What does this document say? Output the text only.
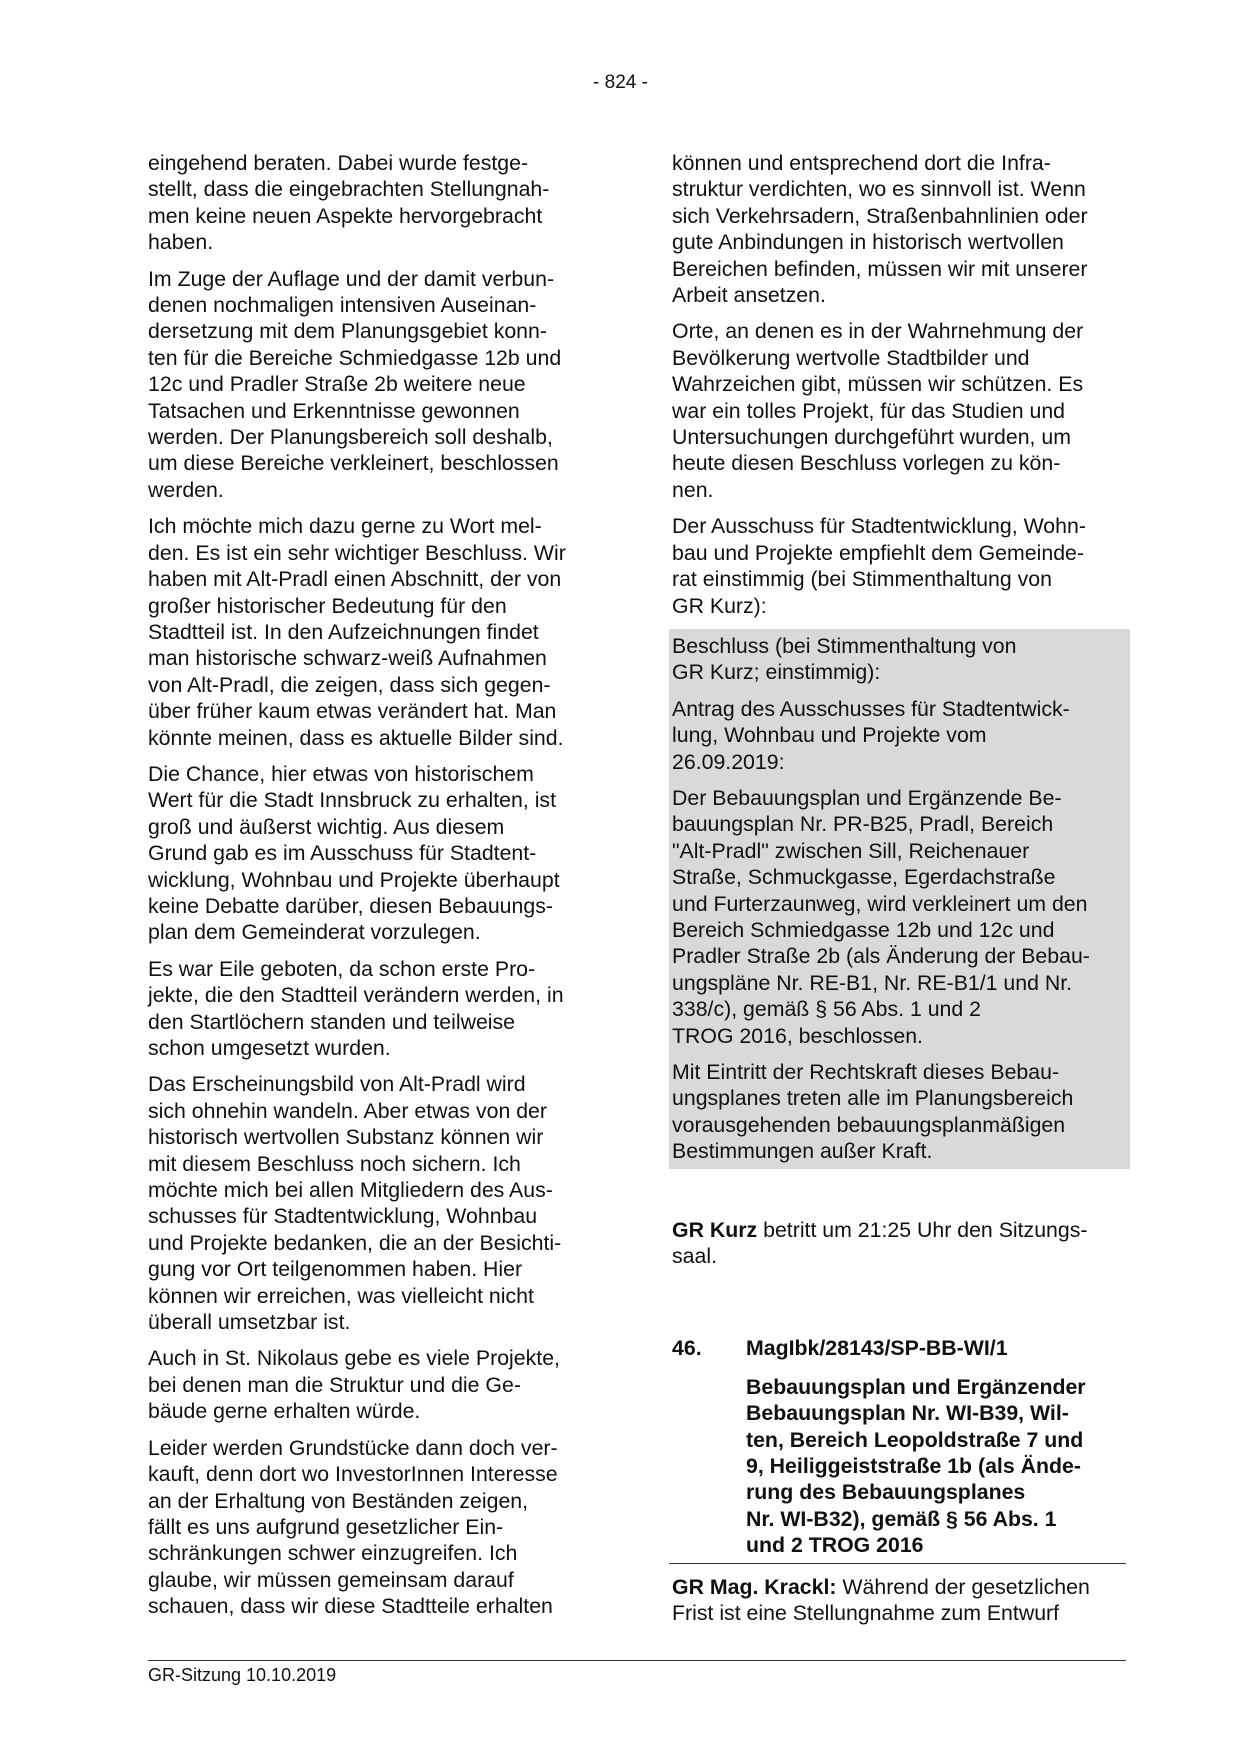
- 824 -
eingehend beraten. Dabei wurde festge-
stellt, dass die eingebrachten Stellungnah-
men keine neuen Aspekte hervorgebracht
haben.
Im Zuge der Auflage und der damit verbun-
denen nochmaligen intensiven Auseinan-
dersetzung mit dem Planungsgebiet konn-
ten für die Bereiche Schmiedgasse 12b und
12c und Pradler Straße 2b weitere neue
Tatsachen und Erkenntnisse gewonnen
werden. Der Planungsbereich soll deshalb,
um diese Bereiche verkleinert, beschlossen
werden.
Ich möchte mich dazu gerne zu Wort mel-
den. Es ist ein sehr wichtiger Beschluss. Wir
haben mit Alt-Pradl einen Abschnitt, der von
großer historischer Bedeutung für den
Stadtteil ist. In den Aufzeichnungen findet
man historische schwarz-weiß Aufnahmen
von Alt-Pradl, die zeigen, dass sich gegen-
über früher kaum etwas verändert hat. Man
könnte meinen, dass es aktuelle Bilder sind.
Die Chance, hier etwas von historischem
Wert für die Stadt Innsbruck zu erhalten, ist
groß und äußerst wichtig. Aus diesem
Grund gab es im Ausschuss für Stadtent-
wicklung, Wohnbau und Projekte überhaupt
keine Debatte darüber, diesen Bebauungs-
plan dem Gemeinderat vorzulegen.
Es war Eile geboten, da schon erste Pro-
jekte, die den Stadtteil verändern werden, in
den Startlöchern standen und teilweise
schon umgesetzt wurden.
Das Erscheinungsbild von Alt-Pradl wird
sich ohnehin wandeln. Aber etwas von der
historisch wertvollen Substanz können wir
mit diesem Beschluss noch sichern. Ich
möchte mich bei allen Mitgliedern des Aus-
schusses für Stadtentwicklung, Wohnbau
und Projekte bedanken, die an der Besichti-
gung vor Ort teilgenommen haben. Hier
können wir erreichen, was vielleicht nicht
überall umsetzbar ist.
Auch in St. Nikolaus gebe es viele Projekte,
bei denen man die Struktur und die Ge-
bäude gerne erhalten würde.
Leider werden Grundstücke dann doch ver-
kauft, denn dort wo InvestorInnen Interesse
an der Erhaltung von Beständen zeigen,
fällt es uns aufgrund gesetzlicher Ein-
schränkungen schwer einzugreifen. Ich
glaube, wir müssen gemeinsam darauf
schauen, dass wir diese Stadtteile erhalten
können und entsprechend dort die Infra-
struktur verdichten, wo es sinnvoll ist. Wenn
sich Verkehrsadern, Straßenbahnlinien oder
gute Anbindungen in historisch wertvollen
Bereichen befinden, müssen wir mit unserer
Arbeit ansetzen.
Orte, an denen es in der Wahrnehmung der
Bevölkerung wertvolle Stadtbilder und
Wahrzeichen gibt, müssen wir schützen. Es
war ein tolles Projekt, für das Studien und
Untersuchungen durchgeführt wurden, um
heute diesen Beschluss vorlegen zu kön-
nen.
Der Ausschuss für Stadtentwicklung, Wohn-
bau und Projekte empfiehlt dem Gemeinde-
rat einstimmig (bei Stimmenthaltung von
GR Kurz):
Beschluss (bei Stimmenthaltung von
GR Kurz; einstimmig):
Antrag des Ausschusses für Stadtentwick-
lung, Wohnbau und Projekte vom
26.09.2019:
Der Bebauungsplan und Ergänzende Be-
bauungsplan Nr. PR-B25, Pradl, Bereich
"Alt-Pradl" zwischen Sill, Reichenauer
Straße, Schmuckgasse, Egerdachstraße
und Furterzaunweg, wird verkleinert um den
Bereich Schmiedgasse 12b und 12c und
Pradler Straße 2b (als Änderung der Bebau-
ungspläne Nr. RE-B1, Nr. RE-B1/1 und Nr.
338/c), gemäß § 56 Abs. 1 und 2
TROG 2016, beschlossen.
Mit Eintritt der Rechtskraft dieses Bebau-
ungsplanes treten alle im Planungsbereich
vorausgehenden bebauungsplanmäßigen
Bestimmungen außer Kraft.
GR Kurz betritt um 21:25 Uhr den Sitzungs-
saal.
46.	MagIbk/28143/SP-BB-WI/1
Bebauungsplan und Ergänzender
Bebauungsplan Nr. WI-B39, Wil-
ten, Bereich Leopoldstraße 7 und
9, Heiliggeiststraße 1b (als Ände-
rung des Bebauungsplanes
Nr. WI-B32), gemäß § 56 Abs. 1
und 2 TROG 2016
GR Mag. Krackl: Während der gesetzlichen
Frist ist eine Stellungnahme zum Entwurf
GR-Sitzung 10.10.2019
